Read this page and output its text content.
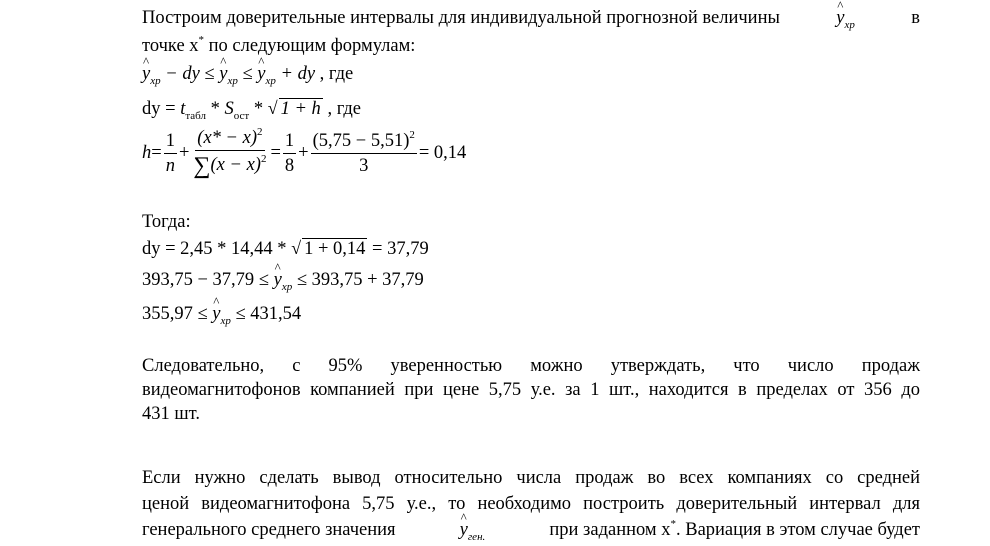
Построим доверительные интервалы для индивидуальной прогнозной величины	^ $y_{xp}$	в
точке х* по следующим формулам:
^ $y_{xp}$ − dy ≤ ^ $y_{xp}$ ≤ ^ $y_{xp}$ + dy , где
dy = $t_{табл} * S_{ост}$ * √ 1 + h , где
$h = \frac{1}{n} + \frac{(x* - x)^2}{\sum(x - x)^2} = \frac{1}{8} + \frac{(5,75 - 5,51)^2}{3} = 0,14$
Тогда:
dy = 2,45 * 14,44 * √ 1 + 0,14 = 37,79
393,75 − 37,79 ≤ ^ $y_{xp} \le 393,75 + 37,79$
355,97 ≤ ^ $y_{xp} \le 431,54$
Следовательно, с 95% уверенностью можно утверждать, что число продаж
видеомагнитофонов компанией при цене 5,75 у.е. за 1 шт., находится в пределах от 356 до
431 шт.
Если нужно сделать вывод относительно числа продаж во всех компаниях со средней
ценой видеомагнитофона 5,75 у.е., то необходимо построить доверительный интервал для
генерального среднего значения	^ $y_{ген.}$	при заданном х*. Вариация в этом случае будет
